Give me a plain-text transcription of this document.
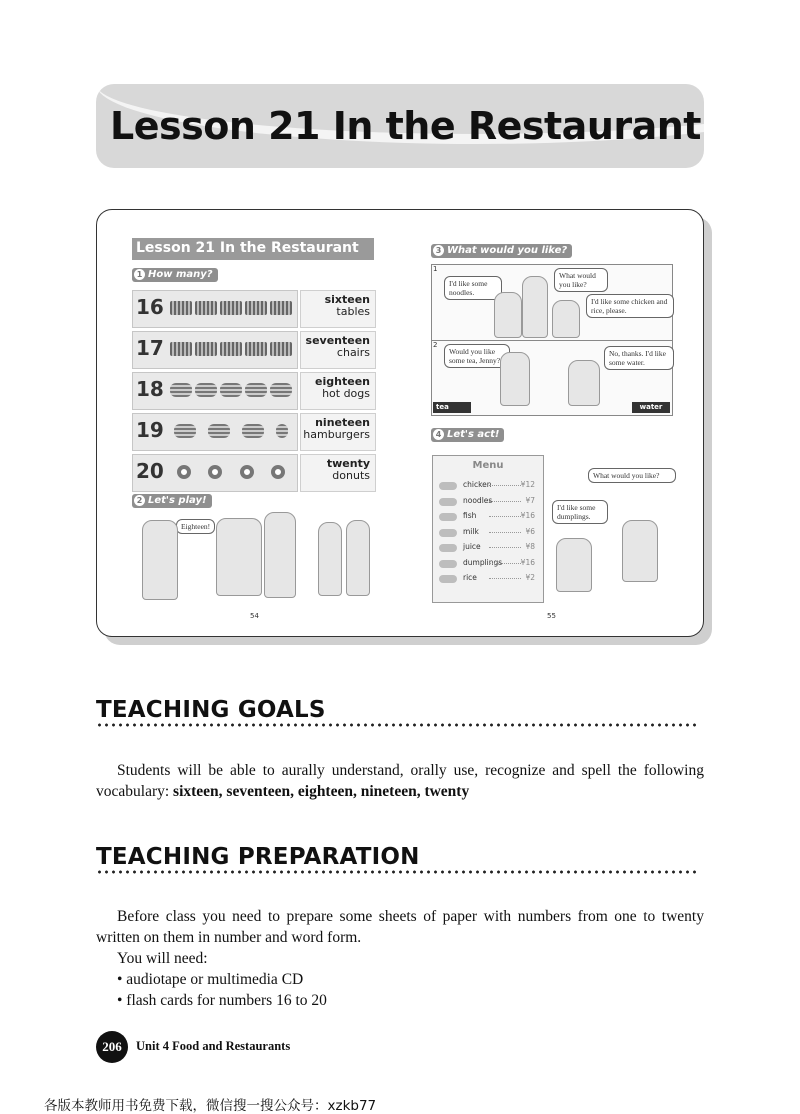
Lesson 21 In the Restaurant
Lesson 21 In the Restaurant
1 How many?
16	sixteen
tables
17	seventeen
chairs
18	eighteen
hot dogs
19	nineteen
hamburgers
20	twenty
donuts
2 Let's play!
Eighteen!
54
3 What would you like?
1
I'd like some noodles.
What would you like?
I'd like some chicken and rice, please.
2
Would you like some tea, Jenny?
No, thanks. I'd like some water.
tea	water
4 Let's act!
Menu
chicken	¥12
noodles	¥7
fish	¥16
milk	¥6
juice	¥8
dumplings ¥16
rice	¥2
What would you like?
I'd like some dumplings.
55
TEACHING GOALS

Students will be able to aurally understand, orally use, recognize and spell the following vocabulary: sixteen, seventeen, eighteen, nineteen, twenty

TEACHING PREPARATION

Before class you need to prepare some sheets of paper with numbers from one to twenty written on them in number and word form.

You will need:
• audiotape or multimedia CD
• flash cards for numbers 16 to 20
206	Unit 4 Food and Restaurants
各版本教师用书免费下载，微信搜一搜公众号：xzkb77
